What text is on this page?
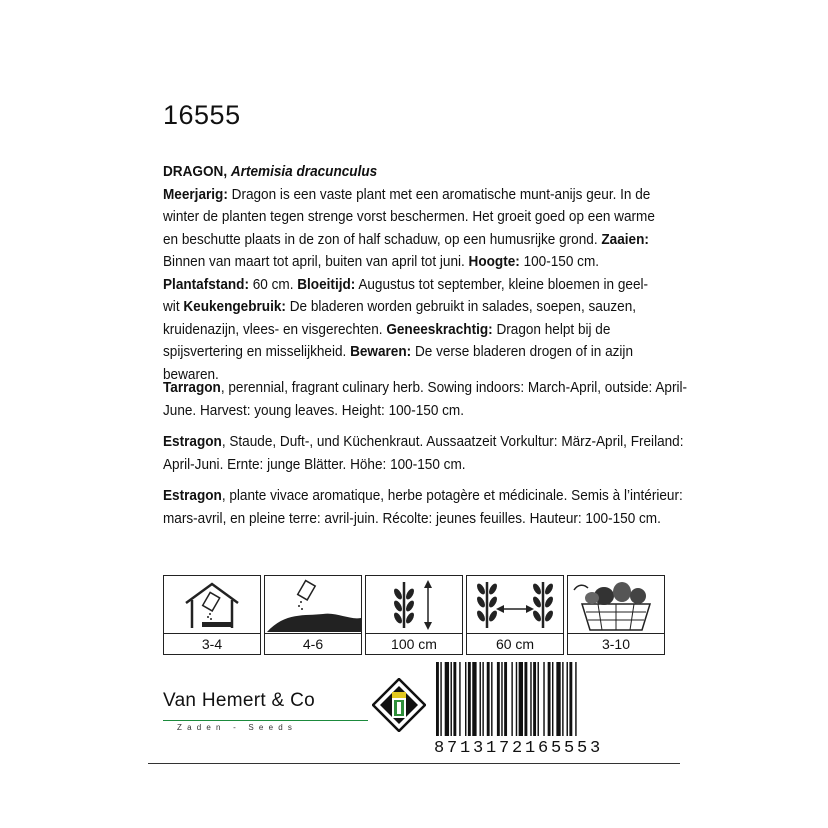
16555

DRAGON, Artemisia dracunculus

Meerjarig: Dragon is een vaste plant met een aromatische munt-anijs geur. In de winter de planten tegen strenge vorst beschermen. Het groeit goed op een warme en beschutte plaats in de zon of half schaduw, op een humusrijke grond. Zaaien: Binnen van maart tot april, buiten van april tot juni. Hoogte: 100-150 cm. Plantafstand: 60 cm. Bloeitijd: Augustus tot september, kleine bloemen in geel-wit Keukengebruik: De bladeren worden gebruikt in salades, soepen, sauzen, kruidenazijn, vlees- en visgerechten. Geneeskrachtig: Dragon helpt bij de spijsvertering en misselijkheid. Bewaren: De verse bladeren drogen of in azijn bewaren.

Tarragon, perennial, fragrant culinary herb. Sowing indoors: March-April, outside: April-June. Harvest: young leaves. Height: 100-150 cm.

Estragon, Staude, Duft-, und Küchenkraut. Aussaatzeit Vorkultur: März-April, Freiland: April-Juni. Ernte: junge Blätter. Höhe: 100-150 cm.

Estragon, plante vivace aromatique, herbe potagère et médicinale. Semis à l’intérieur: mars-avril, en pleine terre: avril-juin. Récolte: jeunes feuilles. Hauteur: 100-150 cm.

3-4	4-6	100 cm	60 cm	3-10
Van Hemert & Co
Zaden - Seeds
8713172165553
